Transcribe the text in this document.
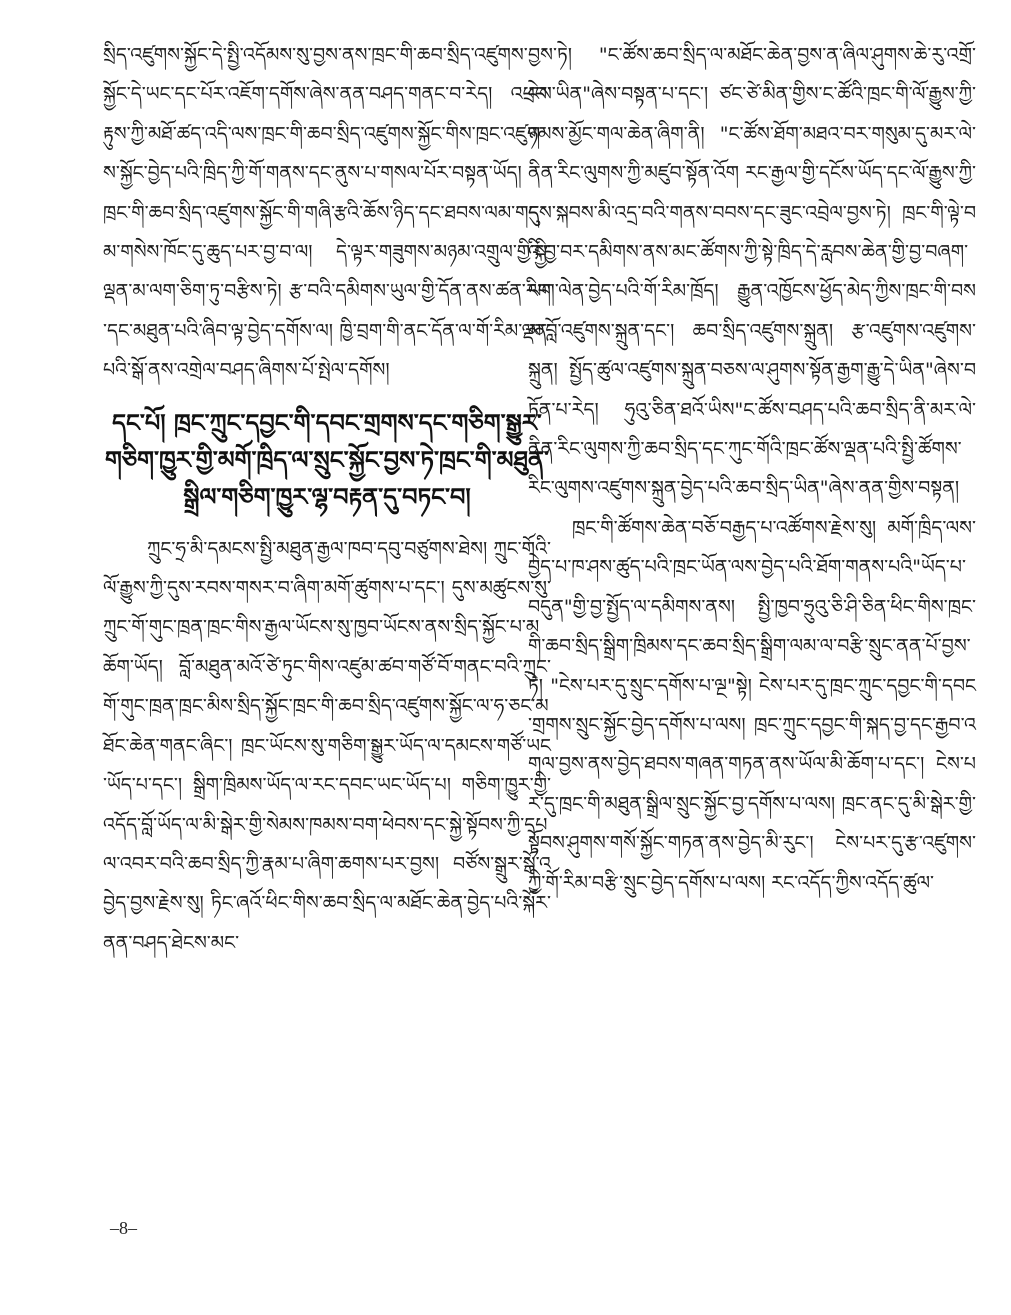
སྲིད་འཛུགས་སྐྱོང་དེ་སྤྱི་འདོམས་སུ་བྱས་ནས་ཁྲང་གི་ཆབ་སྲིད་འཛུགས་སྐྱོང་དེ་ཡང་དང་པོར་འཇོག་དགོས་ཞེས་ནན་བཤད་གནང་བ་རེད། འཕྲབ་རྟུས་ཀྱི་མཐོ་ཚད་འདི་ལས་ཁྲང་གི་ཆབ་སྲིད་འཛུགས་སྐྱོང་གིས་ཁྲང་འཛུགས་སྐྱོང་བྱེད་པའི་ཁྲིད་ཀྱི་གོ་གནས་དང་ནུས་པ་གསལ་པོར་བསྟན་ཡོད། ཁྲང་གི་ཆབ་སྲིད་འཛུགས་སྐྱོང་གི་གཞི་རྩའི་ཆོས་ཉིད་དང་ཐབས་ལམ་གདམ་གསེས་ཁོང་དུ་ཆུད་པར་བྱ་བ་ལ། དེ་ལྟར་གཟུགས་མཉམ་འགྲུལ་གྱི་སྐྱི་ལྡན་མ་ལག་ཅིག་ཏུ་བརྩིས་ཏེ། རྩ་བའི་དམིགས་ཡུལ་གྱི་དོན་ནས་ཚན་རིག་དང་མཐུན་པའི་ཞིབ་ལྟ་བྱེད་དགོས་ལ། ཁྱི་བྲག་གི་ནང་དོན་ལ་གོ་རིམ་ལྡན་པའི་སྒོ་ནས་འགྲེལ་བཤད་ཞིགས་པོ་སྤེལ་དགོས།

དང་པོ། ཁྲང་ཀྲུང་དབྱང་གི་དབང་གྲགས་དང་གཅིག་སྒྱུར་གཅིག་ཁྱུར་གྱི་མགོ་ཁྲིད་ལ་སྲུང་སྐྱོང་བྱས་ཏེ་ཁྲང་གི་མཐུན་སྒྲིལ་གཅིག་ཁྱུར་ལྷ་བརྟན་དུ་བཏང་བ།

ཀྲུང་ཧྲ་མི་དམངས་སྤྱི་མཐུན་རྒྱལ་ཁབ་དབུ་བཙུགས་ཐེས། ཀྲུང་གོའི་ལོ་རྒྱུས་ཀྱི་དུས་རབས་གསར་བ་ཞིག་མགོ་ཚུགས་པ་དང་། དུས་མཚུངས་སུ་ཀྲུང་གོ་གུང་ཁྲན་ཁྲང་གིས་རྒྱལ་ཡོངས་སུ་ཁྱབ་ཡོངས་ནས་སྲིད་སྐྱོང་པ་མཆོག་ཡོད། བློ་མཐུན་མའོ་ཙེ་ཏུང་གིས་འཛུམ་ཚབ་གཙོ་བོ་གནང་བའི་ཀྲུང་གོ་གུང་ཁྲན་ཁྲང་མིས་སྲིད་སྐྱོང་ཁྲང་གི་ཆབ་སྲིད་འཛུགས་སྐྱོང་ལ་ཧ་ཅང་མཐོང་ཆེན་གནང་ཞིང་། ཁྲང་ཡོངས་སུ་གཅིག་སྒྱུར་ཡོད་ལ་དམངས་གཙོ་ཡང་ཡོད་པ་དང་། སྒྲིག་ཁྲིམས་ཡོད་ལ་རང་དབང་ཡང་ཡོད་པ། གཅིག་ཁྱུར་གྱི་འདོད་བློ་ཡོད་ལ་མི་སྒེར་གྱི་སེམས་ཁམས་བག་ཕེབས་དང་སྐྱེ་སྟོབས་ཀྱི་དཔལ་འབར་བའི་ཆབ་སྲིད་ཀྱི་རྣམ་པ་ཞིག་ཆགས་པར་བྱས། བཙོས་སྒྲུར་སྒོ་འབྱེད་བྱས་རྗེས་སུ། ཏིང་ཞའོ་ཕིང་གིས་ཆབ་སྲིད་ལ་མཐོང་ཆེན་བྱེད་པའི་སྐོར་ནན་བཤད་ཐེངས་མང་

བྱས་ཏེ། "ང་ཚོས་ཆབ་སྲིད་ལ་མཐོང་ཆེན་བྱས་ན་ཞིལ་ཤུགས་ཆེ་རུ་འགྲོ་ངེས་ཡིན"ཞེས་བསྟན་པ་དང་། ཙང་ཙེ་མིན་གྱིས་ང་ཚོའི་ཁྲང་གི་ལོ་རྒྱུས་ཀྱི་ཉམས་མྱོང་གལ་ཆེན་ཞིག་ནི། "ང་ཚོས་ཐོག་མཐའ་བར་གསུམ་དུ་མར་ལེ་ནིན་རིང་ལུགས་ཀྱི་མཛུབ་སྟོན་འོག རང་རྒྱལ་གྱི་དངོས་ཡོད་དང་ལོ་རྒྱུས་ཀྱི་དུས་སྐབས་མི་འདྲ་བའི་གནས་བབས་དང་ཟུང་འབྲེལ་བྱས་ཏེ། ཁྲང་གི་ལྟེ་བའི་བྱ་བར་དམིགས་ནས་མང་ཚོགས་ཀྱི་སྟེ་ཁྲིད་དེ་རླབས་ཆེན་གྱི་བྱ་བཞག་ལག་ལེན་བྱེད་པའི་གོ་རིམ་ཁྲོད། རྒྱུན་འཁྱོངས་ཕྱོད་མེད་ཀྱིས་ཁྲང་གི་བསམ་བློ་འཛུགས་སྐྲུན་དང་། ཆབ་སྲིད་འཛུགས་སྐྲུན། རྩ་འཛུགས་འཛུགས་སྐྲུན། སྤྱོད་ཚུལ་འཛུགས་སྐྲུན་བཅས་ལ་ཤུགས་སྟོན་རྒྱག་རྒྱུ་དེ་ཡིན"ཞེས་བཏོན་པ་རེད། ཧུའུ་ཅིན་ཐའོ་ཡིས"ང་ཚོས་བཤད་པའི་ཆབ་སྲིད་ནི་མར་ལེ་ནིན་རིང་ལུགས་ཀྱི་ཆབ་སྲིད་དང་ཀུང་གོའི་ཁྲང་ཚོས་ལྡན་པའི་སྤྱི་ཚོགས་རིང་ལུགས་འཛུགས་སྐྲུན་བྱེད་པའི་ཆབ་སྲིད་ཡིན"ཞེས་ནན་གྱིས་བསྟན།

ཁྲང་གི་ཚོགས་ཆེན་བཅོ་བརྒྱད་པ་འཚོགས་རྗེས་སུ། མགོ་ཁྲིད་ལས་བྱེད་པ་ཁ་ཤས་ཚུད་པའི་ཁྲང་ཡོན་ལས་བྱེད་པའི་ཐོག་གནས་པའི"ཡོད་པ་བདུན"གྱི་བྱ་སྤྱོད་ལ་དམིགས་ནས། སྤྱི་ཁྱབ་ཧྲུའུ་ཅི་ཤི་ཅིན་ཕིང་གིས་ཁྲང་གི་ཆབ་སྲིད་སྒྲིག་ཁྲིམས་དང་ཆབ་སྲིད་སྒྲིག་ལམ་ལ་བརྩི་སྲུང་ནན་པོ་བྱས་ཏེ། "ངེས་པར་དུ་སྲུང་དགོས་པ་ལྔ"སྟེ། ངེས་པར་དུ་ཁྲང་ཀྲུང་དབྱང་གི་དབང་གྲགས་སྲུང་སྐྱོང་བྱེད་དགོས་པ་ལས། ཁྲང་ཀྲུང་དབྱང་གི་སྐད་བྱ་དང་རྒྱབ་འགལ་བྱས་ནས་བྱེད་ཐབས་གཞན་གཏན་ནས་ཡོལ་མི་ཆོག་པ་དང་། ངེས་པར་དུ་ཁྲང་གི་མཐུན་སྒྲིལ་སྲུང་སྐྱོང་བྱ་དགོས་པ་ལས། ཁྲང་ནང་དུ་མི་སྒེར་གྱི་སྟོབས་ཤུགས་གསོ་སྐྱོང་གཏན་ནས་བྱེད་མི་རུང་། ངེས་པར་དུ་རྩ་འཛུགས་ཀྱི་གོ་རིམ་བརྩི་སྲུང་བྱེད་དགོས་པ་ལས། རང་འདོད་ཀྱིས་འདོད་ཚུལ་

–8–
